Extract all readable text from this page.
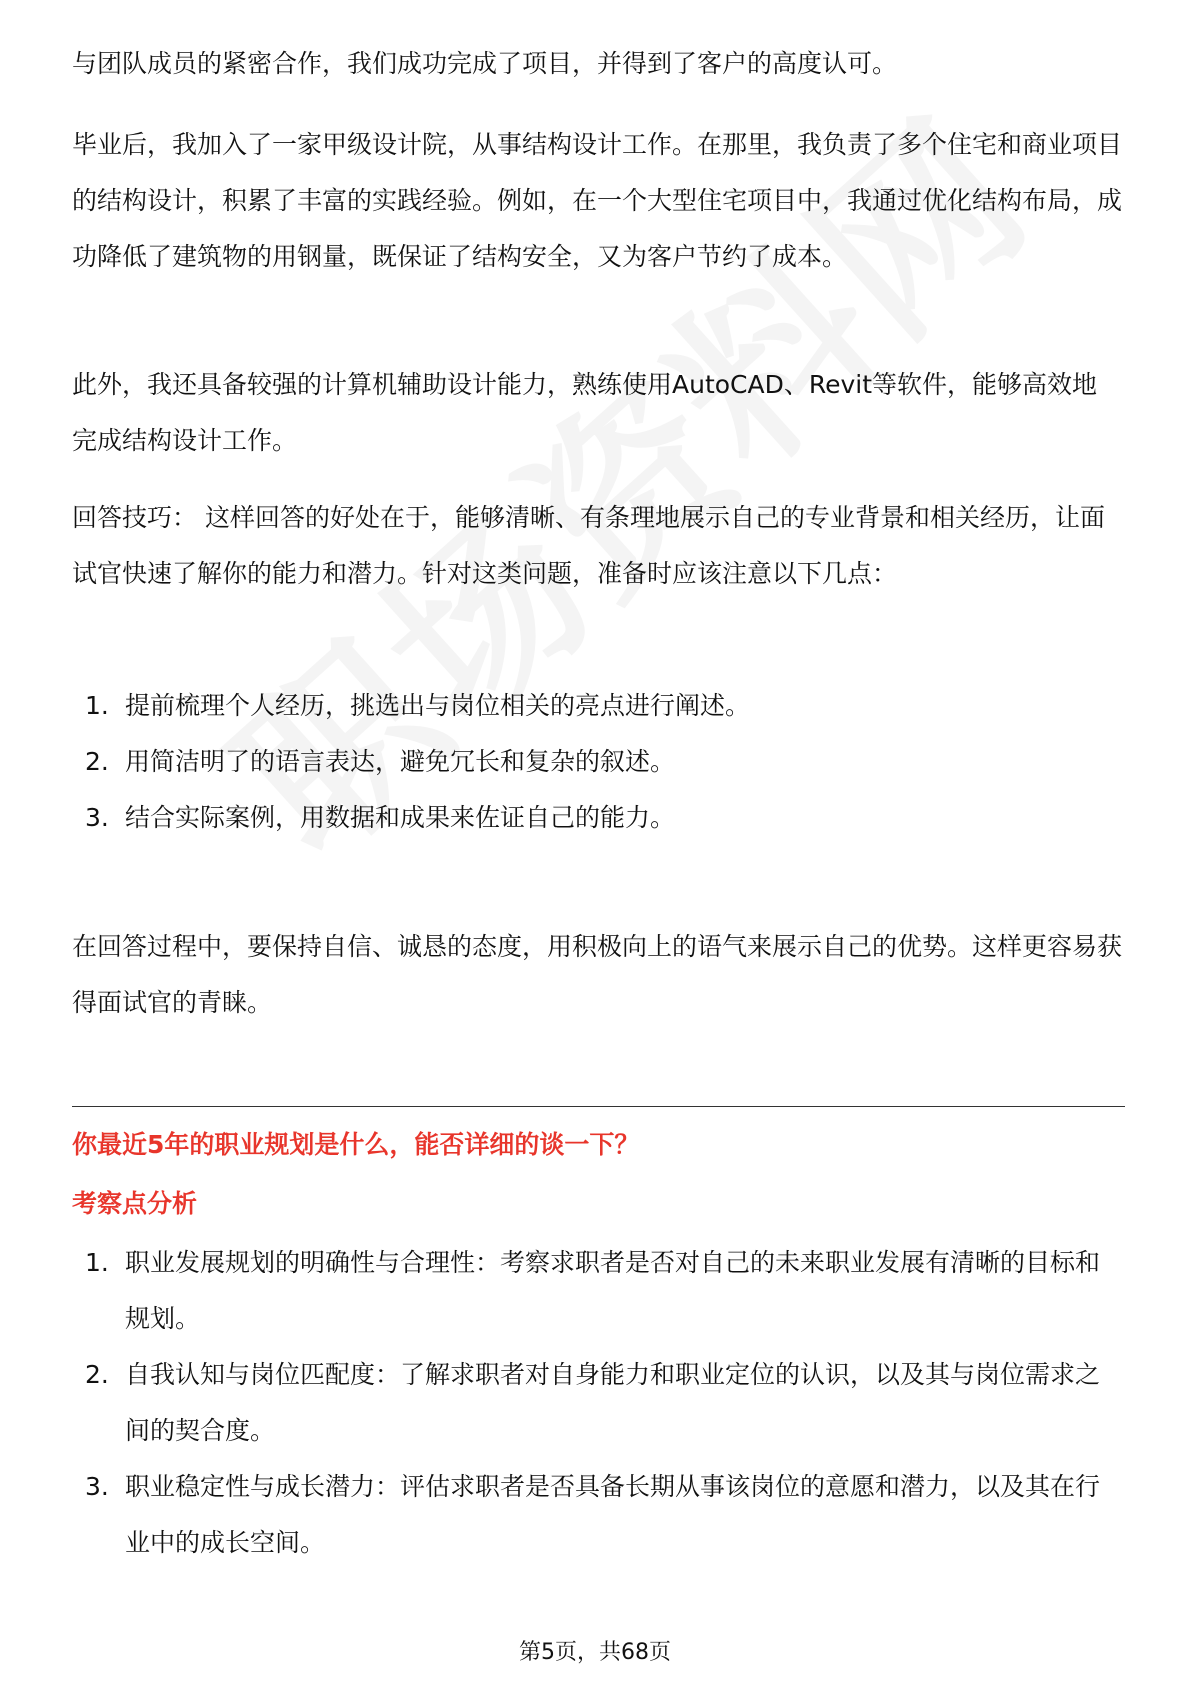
与团队成员的紧密合作，我们成功完成了项目，并得到了客户的高度认可。

毕业后，我加入了一家甲级设计院，从事结构设计工作。在那里，我负责了多个住宅和商业项目的结构设计，积累了丰富的实践经验。例如，在一个大型住宅项目中，我通过优化结构布局，成功降低了建筑物的用钢量，既保证了结构安全，又为客户节约了成本。

此外，我还具备较强的计算机辅助设计能力，熟练使用AutoCAD、Revit等软件，能够高效地完成结构设计工作。

回答技巧： 这样回答的好处在于，能够清晰、有条理地展示自己的专业背景和相关经历，让面试官快速了解你的能力和潜力。针对这类问题，准备时应该注意以下几点：

1. 提前梳理个人经历，挑选出与岗位相关的亮点进行阐述。
2. 用简洁明了的语言表达，避免冗长和复杂的叙述。
3. 结合实际案例，用数据和成果来佐证自己的能力。

在回答过程中，要保持自信、诚恳的态度，用积极向上的语气来展示自己的优势。这样更容易获得面试官的青睐。

你最近5年的职业规划是什么，能否详细的谈一下？
考察点分析
1. 职业发展规划的明确性与合理性：考察求职者是否对自己的未来职业发展有清晰的目标和规划。
2. 自我认知与岗位匹配度：了解求职者对自身能力和职业定位的认识，以及其与岗位需求之间的契合度。
3. 职业稳定性与成长潜力：评估求职者是否具备长期从事该岗位的意愿和潜力，以及其在行业中的成长空间。
第5页，共68页
